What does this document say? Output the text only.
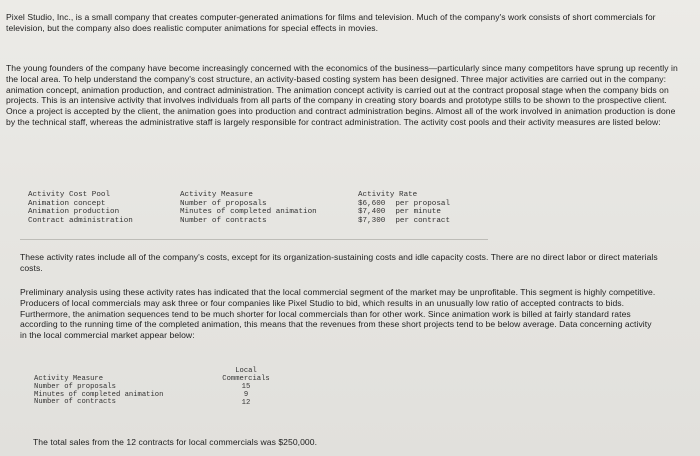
Pixel Studio, Inc., is a small company that creates computer-generated animations for films and television. Much of the company's work consists of short commercials for television, but the company also does realistic computer animations for special effects in movies.

The young founders of the company have become increasingly concerned with the economics of the business—particularly since many competitors have sprung up recently in the local area. To help understand the company's cost structure, an activity-based costing system has been designed. Three major activities are carried out in the company: animation concept, animation production, and contract administration. The animation concept activity is carried out at the contract proposal stage when the company bids on projects. This is an intensive activity that involves individuals from all parts of the company in creating story boards and prototype stills to be shown to the prospective client. Once a project is accepted by the client, the animation goes into production and contract administration begins. Almost all of the work involved in animation production is done by the technical staff, whereas the administrative staff is largely responsible for contract administration. The activity cost pools and their activity measures are listed below:

Activity Cost Pool
Animation concept
Animation production
Contract administration
Activity Measure
Number of proposals
Minutes of completed animation
Number of contracts
Activity Rate
$6,600 per proposal
$7,400 per minute
$7,300 per contract

These activity rates include all of the company's costs, except for its organization-sustaining costs and idle capacity costs. There are no direct labor or direct materials costs.

Preliminary analysis using these activity rates has indicated that the local commercial segment of the market may be unprofitable. This segment is highly competitive. Producers of local commercials may ask three or four companies like Pixel Studio to bid, which results in an unusually low ratio of accepted contracts to bids. Furthermore, the animation sequences tend to be much shorter for local commercials than for other work. Since animation work is billed at fairly standard rates according to the running time of the completed animation, this means that the revenues from these short projects tend to be below average. Data concerning activity in the local commercial market appear below:

Local
Commercials
Activity Measure
Number of proposals
Minutes of completed animation
Number of contracts
15
9
12

The total sales from the 12 contracts for local commercials was $250,000.
